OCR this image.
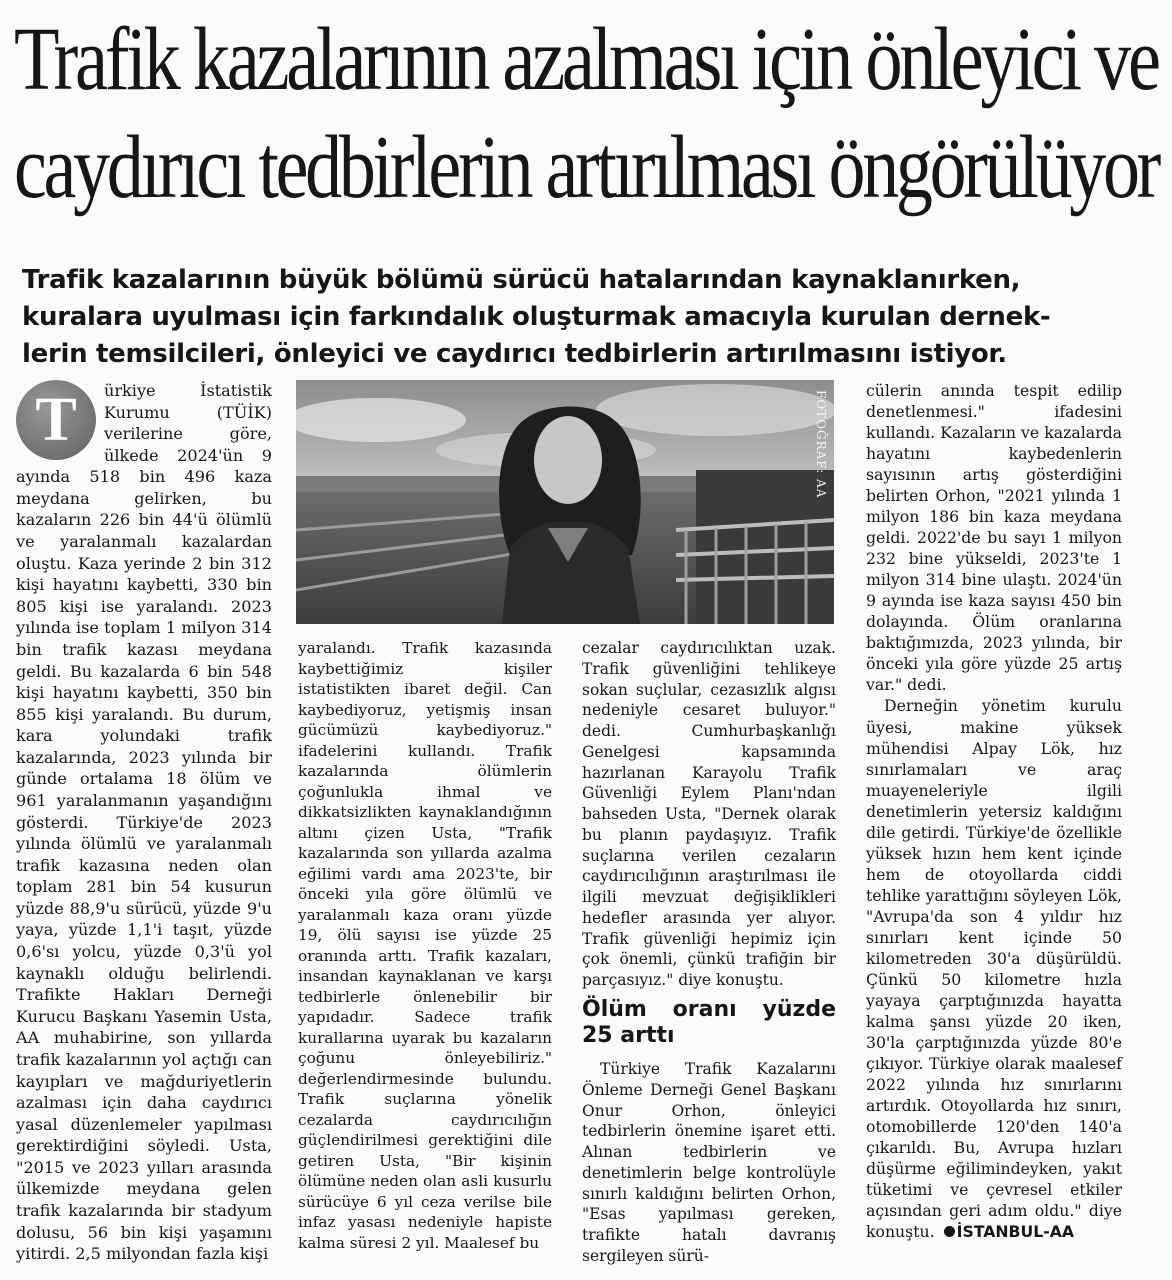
Trafik kazalarının azalması için önleyici ve
caydırıcı tedbirlerin artırılması öngörülüyor
Trafik kazalarının büyük bölümü sürücü hatalarından kaynaklanırken,
kuralara uyulması için farkındalık oluşturmak amacıyla kurulan dernek-
lerin temsilcileri, önleyici ve caydırıcı tedbirlerin artırılmasını istiyor.
T	ürkiye İstatistik Kurumu (TÜİK) verilerine göre, ülkede 2024'ün 9 ayında 518 bin 496 kaza meydana gelirken, bu kazaların 226 bin 44'ü ölümlü ve yaralanmalı kazalardan oluştu. Kaza yerinde 2 bin 312 kişi hayatını kaybetti, 330 bin 805 kişi ise yaralandı. 2023 yılında ise toplam 1 milyon 314 bin trafik kazası meydana geldi. Bu kazalarda 6 bin 548 kişi hayatını kaybetti, 350 bin 855 kişi yaralandı. Bu durum, kara yolundaki trafik kazalarında, 2023 yılında bir günde ortalama 18 ölüm ve 961 yaralanmanın yaşandığını gösterdi. Türkiye'de 2023 yılında ölümlü ve yaralanmalı trafik kazasına neden olan toplam 281 bin 54 kusurun yüzde 88,9'u sürücü, yüzde 9'u yaya, yüzde 1,1'i taşıt, yüzde 0,6'sı yolcu, yüzde 0,3'ü yol kaynaklı olduğu belirlendi. Trafikte Hakları Derneği Kurucu Başkanı Yasemin Usta, AA muhabirine, son yıllarda trafik kazalarının yol açtığı can kayıpları ve mağduriyetlerin azalması için daha caydırıcı yasal düzenlemeler yapılması gerektirdiğini söyledi. Usta, "2015 ve 2023 yılları arasında ülkemizde meydana gelen trafik kazalarında bir stadyum dolusu, 56 bin kişi yaşamını yitirdi. 2,5 milyondan fazla kişi

FOTOĞRAF: AA

yaralandı. Trafik kazasında kaybettiğimiz kişiler istatistikten ibaret değil. Can kaybediyoruz, yetişmiş insan gücümüzü kaybediyoruz." ifadelerini kullandı. Trafik kazalarında ölümlerin çoğunlukla ihmal ve dikkatsizlikten kaynaklandığının altını çizen Usta, "Trafik kazalarında son yıllarda azalma eğilimi vardı ama 2023'te, bir önceki yıla göre ölümlü ve yaralanmalı kaza oranı yüzde 19, ölü sayısı ise yüzde 25 oranında arttı. Trafik kazaları, insandan kaynaklanan ve karşı tedbirlerle önlenebilir bir yapıdadır. Sadece trafik kurallarına uyarak bu kazaların çoğunu önleyebiliriz." değerlendirmesinde bulundu. Trafik suçlarına yönelik cezalarda caydırıcılığın güçlendirilmesi gerektiğini dile getiren Usta, "Bir kişinin ölümüne neden olan asli kusurlu sürücüye 6 yıl ceza verilse bile infaz yasası nedeniyle hapiste kalma süresi 2 yıl. Maalesef bu

cezalar caydırıcılıktan uzak. Trafik güvenliğini tehlikeye sokan suçlular, cezasızlık algısı nedeniyle cesaret buluyor." dedi. Cumhurbaşkanlığı Genelgesi kapsamında hazırlanan Karayolu Trafik Güvenliği Eylem Planı'ndan bahseden Usta, "Dernek olarak bu planın paydaşıyız. Trafik suçlarına verilen cezaların caydırıcılığının araştırılması ile ilgili mevzuat değişiklikleri hedefler arasında yer alıyor. Trafik güvenliği hepimiz için çok önemli, çünkü trafiğin bir parçasıyız." diye konuştu.

Ölüm oranı yüzde 25 arttı

Türkiye Trafik Kazalarını Önleme Derneği Genel Başkanı Onur Orhon, önleyici tedbirlerin önemine işaret etti. Alınan tedbirlerin ve denetimlerin belge kontrolüyle sınırlı kaldığını belirten Orhon, "Esas yapılması gereken, trafikte hatalı davranış sergileyen sürü-

cülerin anında tespit edilip denetlenmesi." ifadesini kullandı. Kazaların ve kazalarda hayatını kaybedenlerin sayısının artış gösterdiğini belirten Orhon, "2021 yılında 1 milyon 186 bin kaza meydana geldi. 2022'de bu sayı 1 milyon 232 bine yükseldi, 2023'te 1 milyon 314 bine ulaştı. 2024'ün 9 ayında ise kaza sayısı 450 bin dolayında. Ölüm oranlarına baktığımızda, 2023 yılında, bir önceki yıla göre yüzde 25 artış var." dedi.

Derneğin yönetim kurulu üyesi, makine yüksek mühendisi Alpay Lök, hız sınırlamaları ve araç muayeneleriyle ilgili denetimlerin yetersiz kaldığını dile getirdi. Türkiye'de özellikle yüksek hızın hem kent içinde hem de otoyollarda ciddi tehlike yarattığını söyleyen Lök, "Avrupa'da son 4 yıldır hız sınırları kent içinde 50 kilometreden 30'a düşürüldü. Çünkü 50 kilometre hızla yayaya çarptığınızda hayatta kalma şansı yüzde 20 iken, 30'la çarptığınızda yüzde 80'e çıkıyor. Türkiye olarak maalesef 2022 yılında hız sınırlarını artırdık. Otoyollarda hız sınırı, otomobillerde 120'den 140'a çıkarıldı. Bu, Avrupa hızları düşürme eğilimindeyken, yakıt tüketimi ve çevresel etkiler açısından geri adım oldu." diye konuştu. İSTANBUL-AA
